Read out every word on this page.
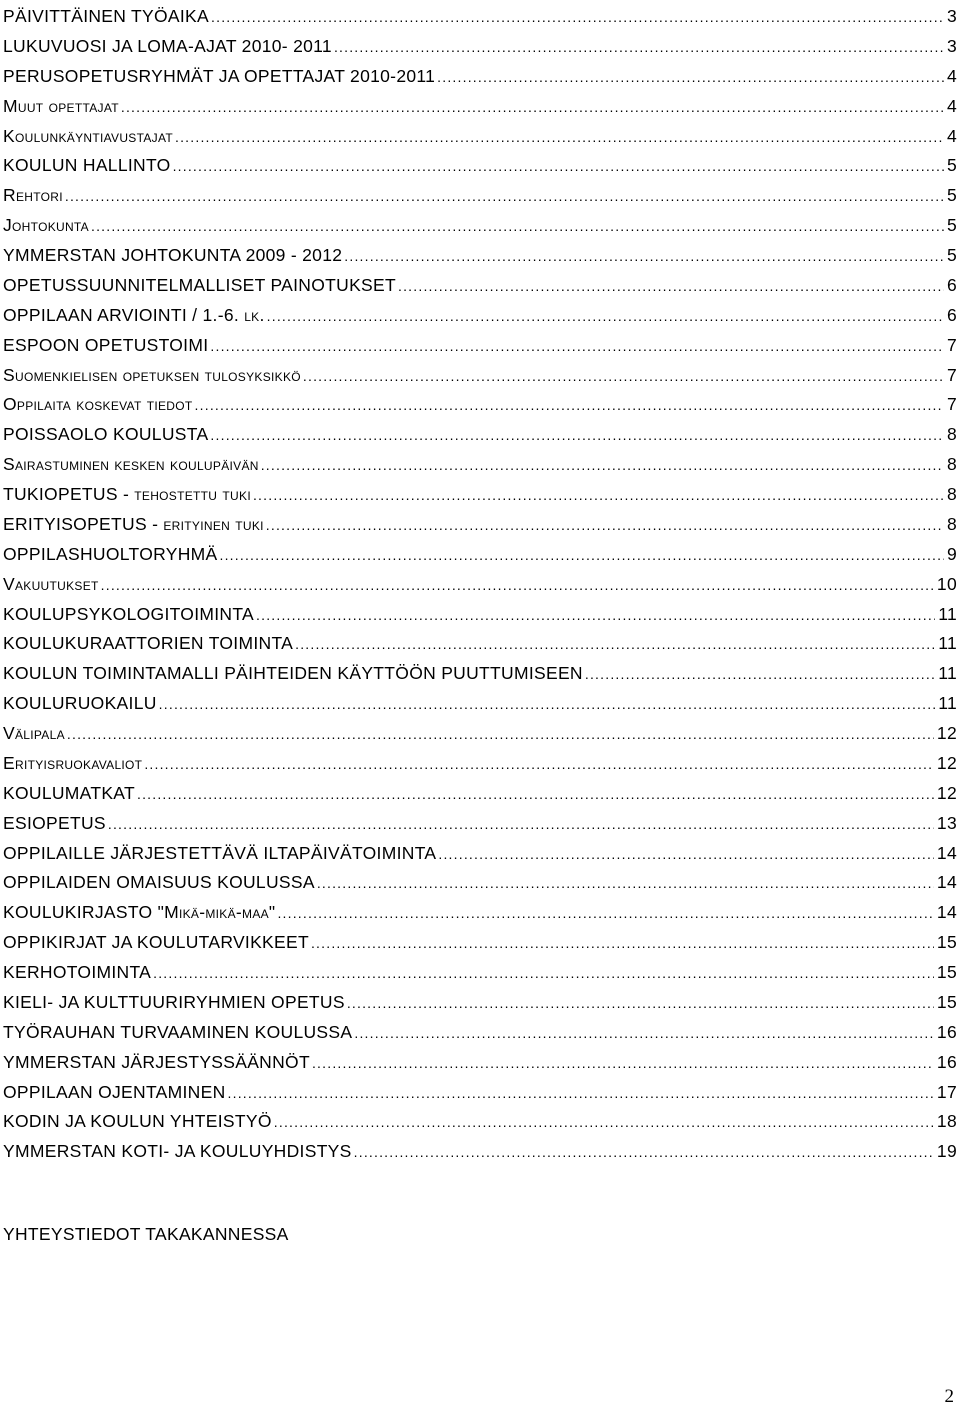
PÄIVITTÄINEN TYÖAIKA .....	3
LUKUVUOSI JA LOMA-AJAT 2010- 2011 .....	3
PERUSOPETUSRYHMÄT JA OPETTAJAT 2010-2011 .....	4
Muut opettajat .....	4
Koulunkäyntiavustajat .....	4
KOULUN HALLINTO .....	5
Rehtori .....	5
Johtokunta .....	5
YMMERSTAN JOHTOKUNTA 2009 - 2012 .....	5
OPETUSSUUNNITELMALLISET PAINOTUKSET .....	6
OPPILAAN ARVIOINTI / 1.-6. lk. .....	6
ESPOON OPETUSTOIMI .....	7
Suomenkielisen opetuksen tulosyksikkö .....	7
Oppilaita koskevat tiedot .....	7
POISSAOLO KOULUSTA .....	8
Sairastuminen kesken koulupäivän .....	8
TUKIOPETUS - tehostettu tuki .....	8
ERITYISOPETUS - erityinen tuki .....	8
OPPILASHUOLTORYHMÄ .....	9
Vakuutukset .....	10
KOULUPSYKOLOGITOIMINTA .....	11
KOULUKURAATTORIEN TOIMINTA .....	11
KOULUN TOIMINTAMALLI PÄIHTEIDEN KÄYTTÖÖN PUUTTUMISEEN .....	11
KOULURUOKAILU .....	11
Välipala .....	12
Erityisruokavaliot .....	12
KOULUMATKAT .....	12
ESIOPETUS .....	13
OPPILAILLE JÄRJESTETTÄVÄ ILTAPÄIVÄTOIMINTA .....	14
OPPILAIDEN OMAISUUS KOULUSSA .....	14
KOULUKIRJASTO "Mikä-mikä-maa" .....	14
OPPIKIRJAT JA KOULUTARVIKKEET .....	15
KERHOTOIMINTA .....	15
KIELI- JA KULTTUURIRYHMIEN OPETUS .....	15
TYÖRAUHAN TURVAAMINEN KOULUSSA .....	16
YMMERSTAN JÄRJESTYSSÄÄNNÖT .....	16
OPPILAAN OJENTAMINEN .....	17
KODIN JA KOULUN YHTEISTYÖ .....	18
YMMERSTAN KOTI- JA KOULUYHDISTYS .....	19
YHTEYSTIEDOT TAKAKANNESSA
2
